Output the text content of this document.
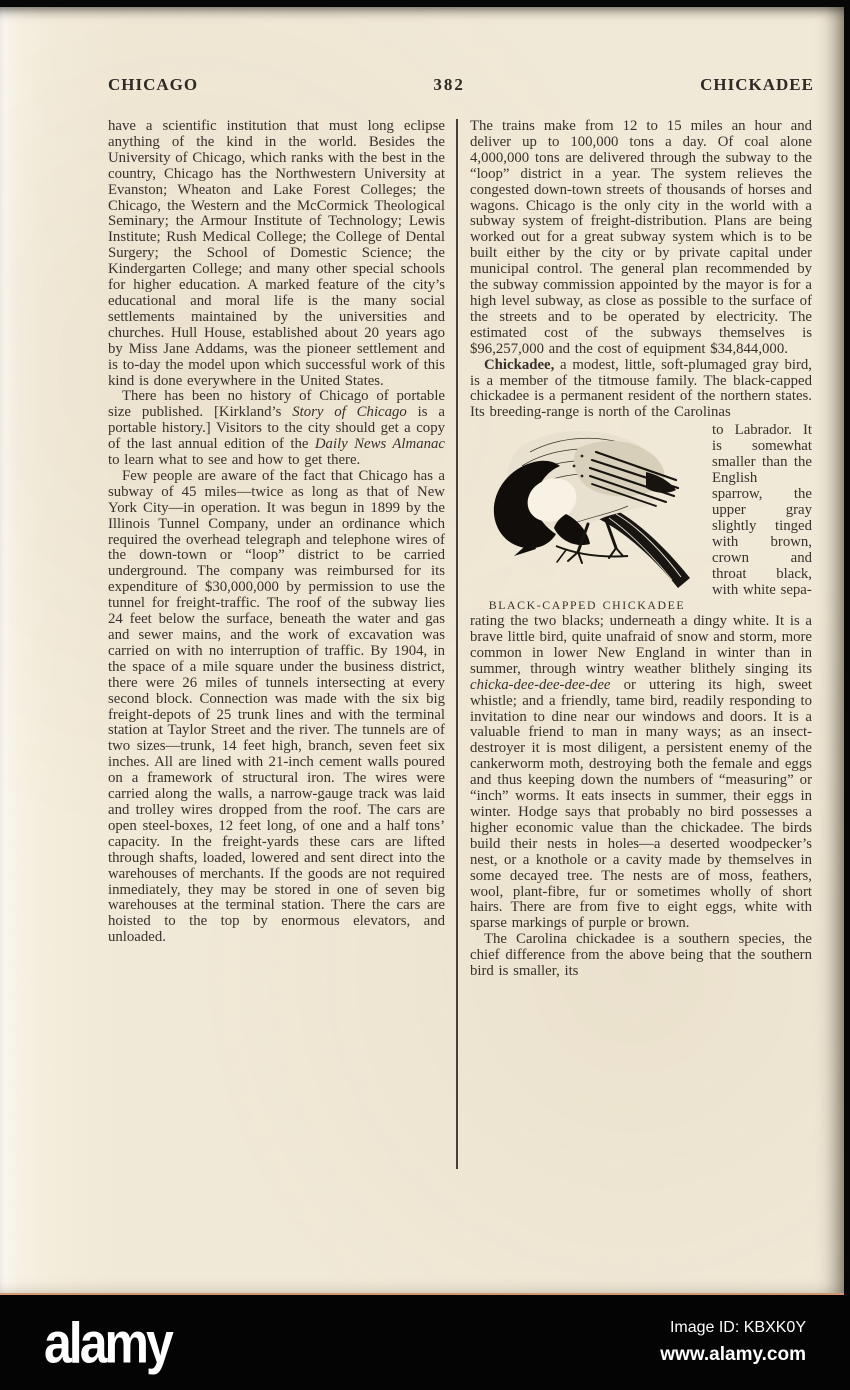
CHICAGO	382	CHICKADEE

have a scientific institution that must long eclipse anything of the kind in the world. Besides the University of Chicago, which ranks with the best in the country, Chicago has the Northwestern University at Evanston; Wheaton and Lake Forest Colleges; the Chicago, the Western and the McCormick Theological Seminary; the Armour Institute of Technology; Lewis Institute; Rush Medical College; the College of Dental Surgery; the School of Domestic Science; the Kindergarten College; and many other special schools for higher education. A marked feature of the city’s educational and moral life is the many social settlements maintained by the universities and churches. Hull House, established about 20 years ago by Miss Jane Addams, was the pioneer settlement and is to-day the model upon which successful work of this kind is done everywhere in the United States.

There has been no history of Chicago of portable size published. [Kirkland’s Story of Chicago is a portable history.] Visitors to the city should get a copy of the last annual edition of the Daily News Almanac to learn what to see and how to get there.

Few people are aware of the fact that Chicago has a subway of 45 miles—twice as long as that of New York City—in operation. It was begun in 1899 by the Illinois Tunnel Company, under an ordinance which required the overhead telegraph and telephone wires of the down-town or “loop” district to be carried underground. The company was reimbursed for its expenditure of $30,000,000 by permission to use the tunnel for freight-traffic. The roof of the subway lies 24 feet below the surface, beneath the water and gas and sewer mains, and the work of excavation was carried on with no interruption of traffic. By 1904, in the space of a mile square under the business district, there were 26 miles of tunnels intersecting at every second block. Connection was made with the six big freight-depots of 25 trunk lines and with the terminal station at Taylor Street and the river. The tunnels are of two sizes—trunk, 14 feet high, branch, seven feet six inches. All are lined with 21-inch cement walls poured on a framework of structural iron. The wires were carried along the walls, a narrow-gauge track was laid and trolley wires dropped from the roof. The cars are open steel-boxes, 12 feet long, of one and a half tons’ capacity. In the freight-yards these cars are lifted through shafts, loaded, lowered and sent direct into the warehouses of merchants. If the goods are not required inmediately, they may be stored in one of seven big warehouses at the terminal station. There the cars are hoisted to the top by enormous elevators, and unloaded.

The trains make from 12 to 15 miles an hour and deliver up to 100,000 tons a day. Of coal alone 4,000,000 tons are delivered through the subway to the “loop” district in a year. The system relieves the congested down-town streets of thousands of horses and wagons. Chicago is the only city in the world with a subway system of freight-distribution. Plans are being worked out for a great subway system which is to be built either by the city or by private capital under municipal control. The general plan recommended by the subway commission appointed by the mayor is for a high level subway, as close as possible to the surface of the streets and to be operated by electricity. The estimated cost of the subways themselves is $96,257,000 and the cost of equipment $34,844,000.

Chickadee, a modest, little, soft-plumaged gray bird, is a member of the titmouse family. The black-capped chickadee is a permanent resident of the northern states. Its breeding-range is north of the Carolinas

BLACK-CAPPED CHICKADEE

to Labrador. It is somewhat smaller than the English sparrow, the upper gray slightly tinged with brown, crown and throat black, with white sepa-

rating the two blacks; underneath a dingy white. It is a brave little bird, quite unafraid of snow and storm, more common in lower New England in winter than in summer, through wintry weather blithely singing its chicka-dee-dee-dee-dee or uttering its high, sweet whistle; and a friendly, tame bird, readily responding to invitation to dine near our windows and doors. It is a valuable friend to man in many ways; as an insect-destroyer it is most diligent, a persistent enemy of the cankerworm moth, destroying both the female and eggs and thus keeping down the numbers of “measuring” or “inch” worms. It eats insects in summer, their eggs in winter. Hodge says that probably no bird possesses a higher economic value than the chickadee. The birds build their nests in holes—a deserted woodpecker’s nest, or a knothole or a cavity made by themselves in some decayed tree. The nests are of moss, feathers, wool, plant-fibre, fur or sometimes wholly of short hairs. There are from five to eight eggs, white with sparse markings of purple or brown.

The Carolina chickadee is a southern species, the chief difference from the above being that the southern bird is smaller, its

alamy	Image ID: KBXK0Y
www.alamy.com
